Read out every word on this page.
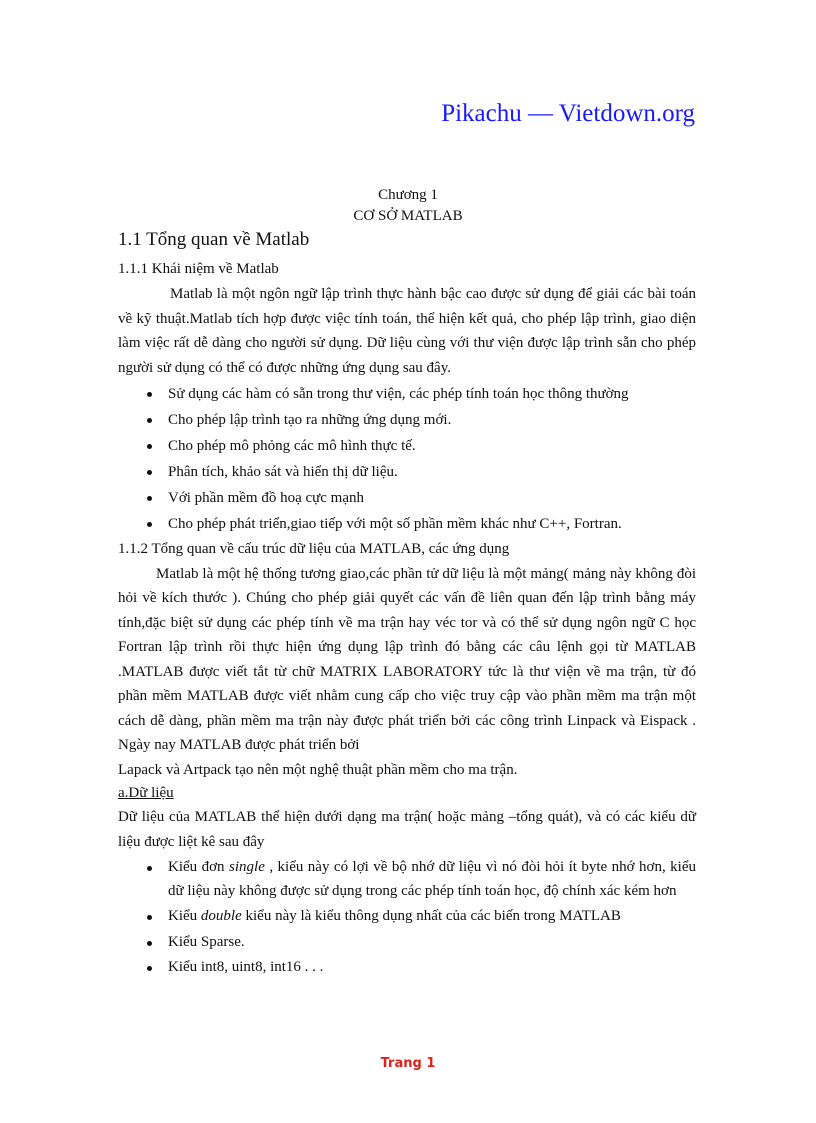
Pikachu — Vietdown.org
Chương 1
CƠ SỞ MATLAB
1.1 Tổng quan về Matlab
1.1.1 Khái niệm về Matlab

Matlab là một ngôn ngữ lập trình thực hành bậc cao được sử dụng để giải các bài toán về kỹ thuật.Matlab tích hợp được việc tính toán, thể hiện kết quả, cho phép lập trình, giao diện làm việc rất dễ dàng cho người sử dụng. Dữ liệu cùng với thư viện được lập trình sẵn cho phép người sử dụng có thể có được những ứng dụng sau đây.

Sử dụng các hàm có sẵn trong thư viện, các phép tính toán học thông thường
Cho phép lập trình tạo ra những ứng dụng mới.
Cho phép mô phỏng các mô hình thực tế.
Phân tích, khảo sát và hiển thị dữ liệu.
Với phần mềm đồ hoạ cực mạnh
Cho phép phát triển,giao tiếp với một số phần mềm khác như C++, Fortran.
1.1.2 Tổng quan về cấu trúc dữ liệu của MATLAB, các ứng dụng

Matlab là một hệ thống tương giao,các phần tử dữ liệu là một mảng( mảng này không đòi hỏi về kích thước ). Chúng cho phép giải quyết các vấn đề liên quan đến lập trình bằng máy tính,đặc biệt sử dụng các phép tính về ma trận hay véc tor và có thể sử dụng ngôn ngữ C học Fortran lập trình rồi thực hiện ứng dụng lập trình đó bằng các câu lệnh gọi từ MATLAB .MATLAB được viết tắt từ chữ MATRIX LABORATORY tức là thư viện về ma trận, từ đó phần mềm MATLAB được viết nhằm cung cấp cho việc truy cập vào phần mềm ma trận một cách dễ dàng, phần mềm ma trận này được phát triển bởi các công trình Linpack và Eispack . Ngày nay MATLAB được phát triển bởi

Lapack và Artpack tạo nên một nghệ thuật phần mềm cho ma trận.

a.Dữ liệu

Dữ liệu của MATLAB thể hiện dưới dạng ma trận( hoặc mảng –tổng quát), và có các kiểu dữ liệu được liệt kê sau đây

Kiểu đơn single , kiểu này có lợi về bộ nhớ dữ liệu vì nó đòi hỏi ít byte nhớ hơn, kiểu dữ liệu này không được sử dụng trong các phép tính toán học, độ chính xác kém hơn
Kiểu double kiểu này là kiểu thông dụng nhất của các biến trong MATLAB
Kiểu Sparse.
Kiểu int8, uint8, int16 . . .
Trang 1
